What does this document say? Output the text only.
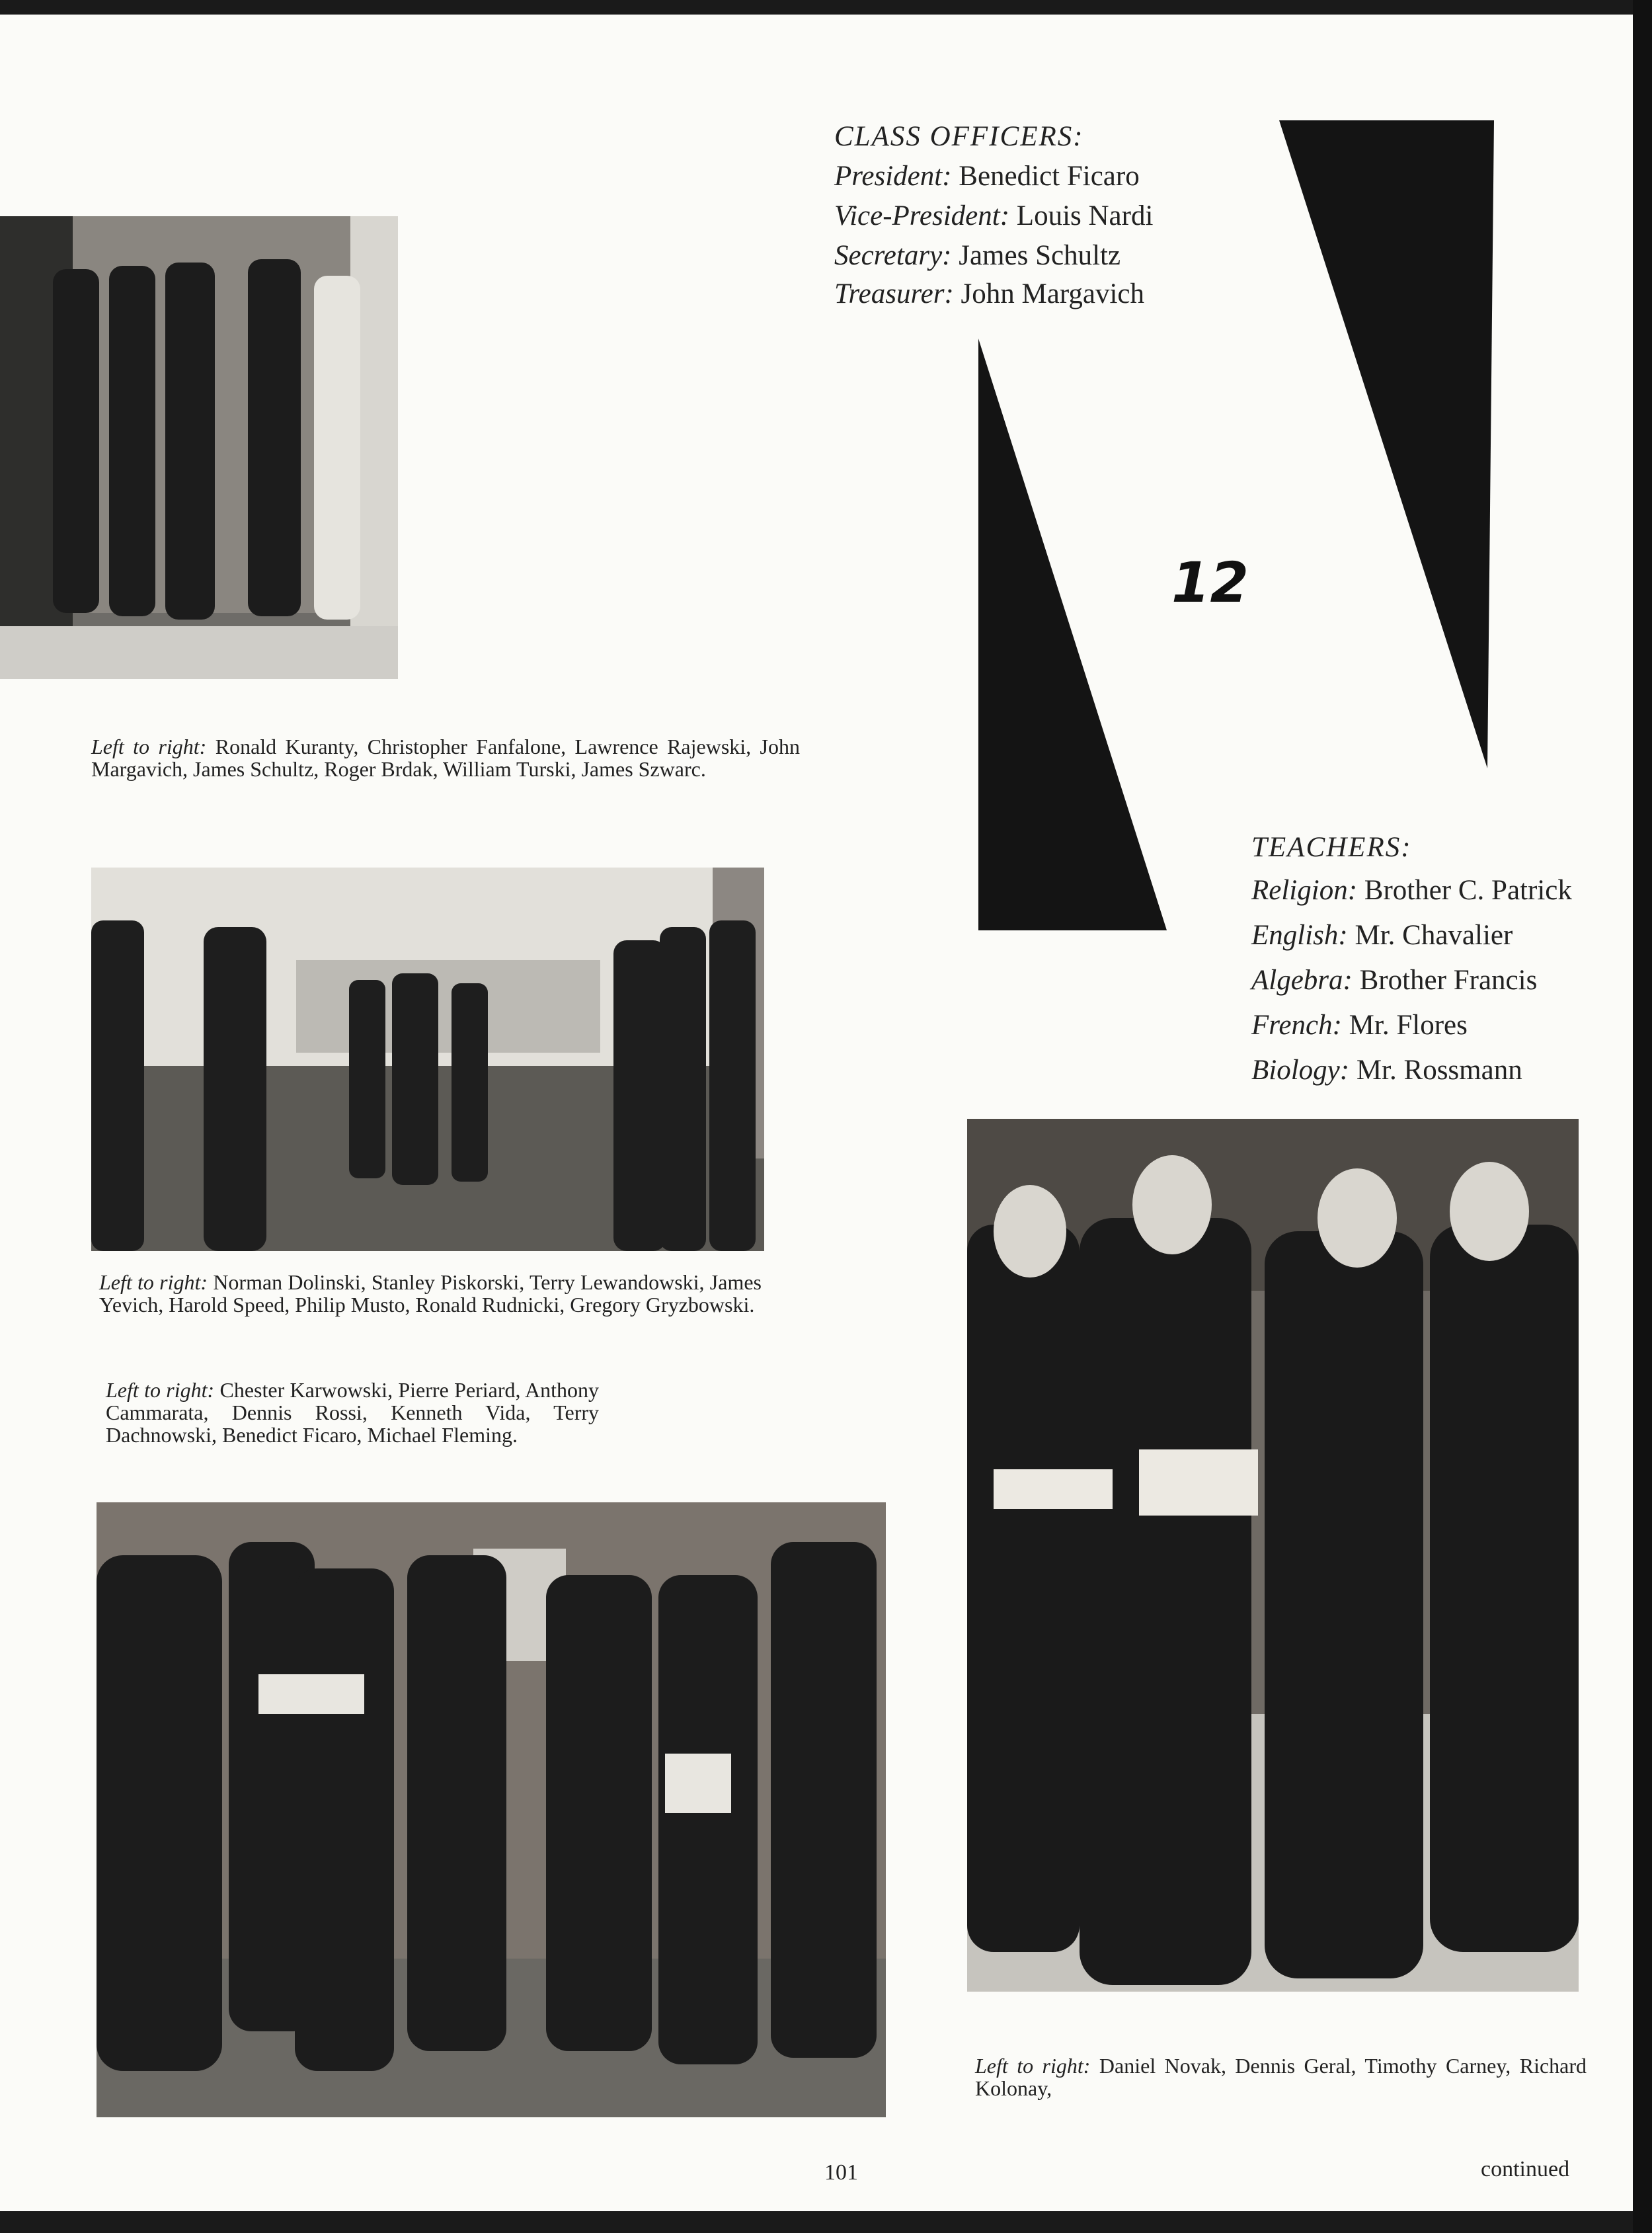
Left to right: Ronald Kuranty, Christopher Fanfalone, Lawrence Rajewski, John Margavich, James Schultz, Roger Brdak, William Turski, James Szwarc.
CLASS OFFICERS:
President: Benedict Ficaro
Vice-President: Louis Nardi
Secretary: James Schultz
Treasurer: John Margavich
12
Left to right: Norman Dolinski, Stanley Piskorski, Terry Lewandowski, James Yevich, Harold Speed, Philip Musto, Ronald Rudnicki, Gregory Gryzbowski.
Left to right: Chester Karwowski, Pierre Periard, Anthony Cammarata, Dennis Rossi, Kenneth Vida, Terry Dachnowski, Benedict Ficaro, Michael Fleming.
TEACHERS:
Religion: Brother C. Patrick
English: Mr. Chavalier
Algebra: Brother Francis
French: Mr. Flores
Biology: Mr. Rossmann
Left to right: Daniel Novak, Dennis Geral, Timothy Carney, Richard Kolonay,
101	continued
